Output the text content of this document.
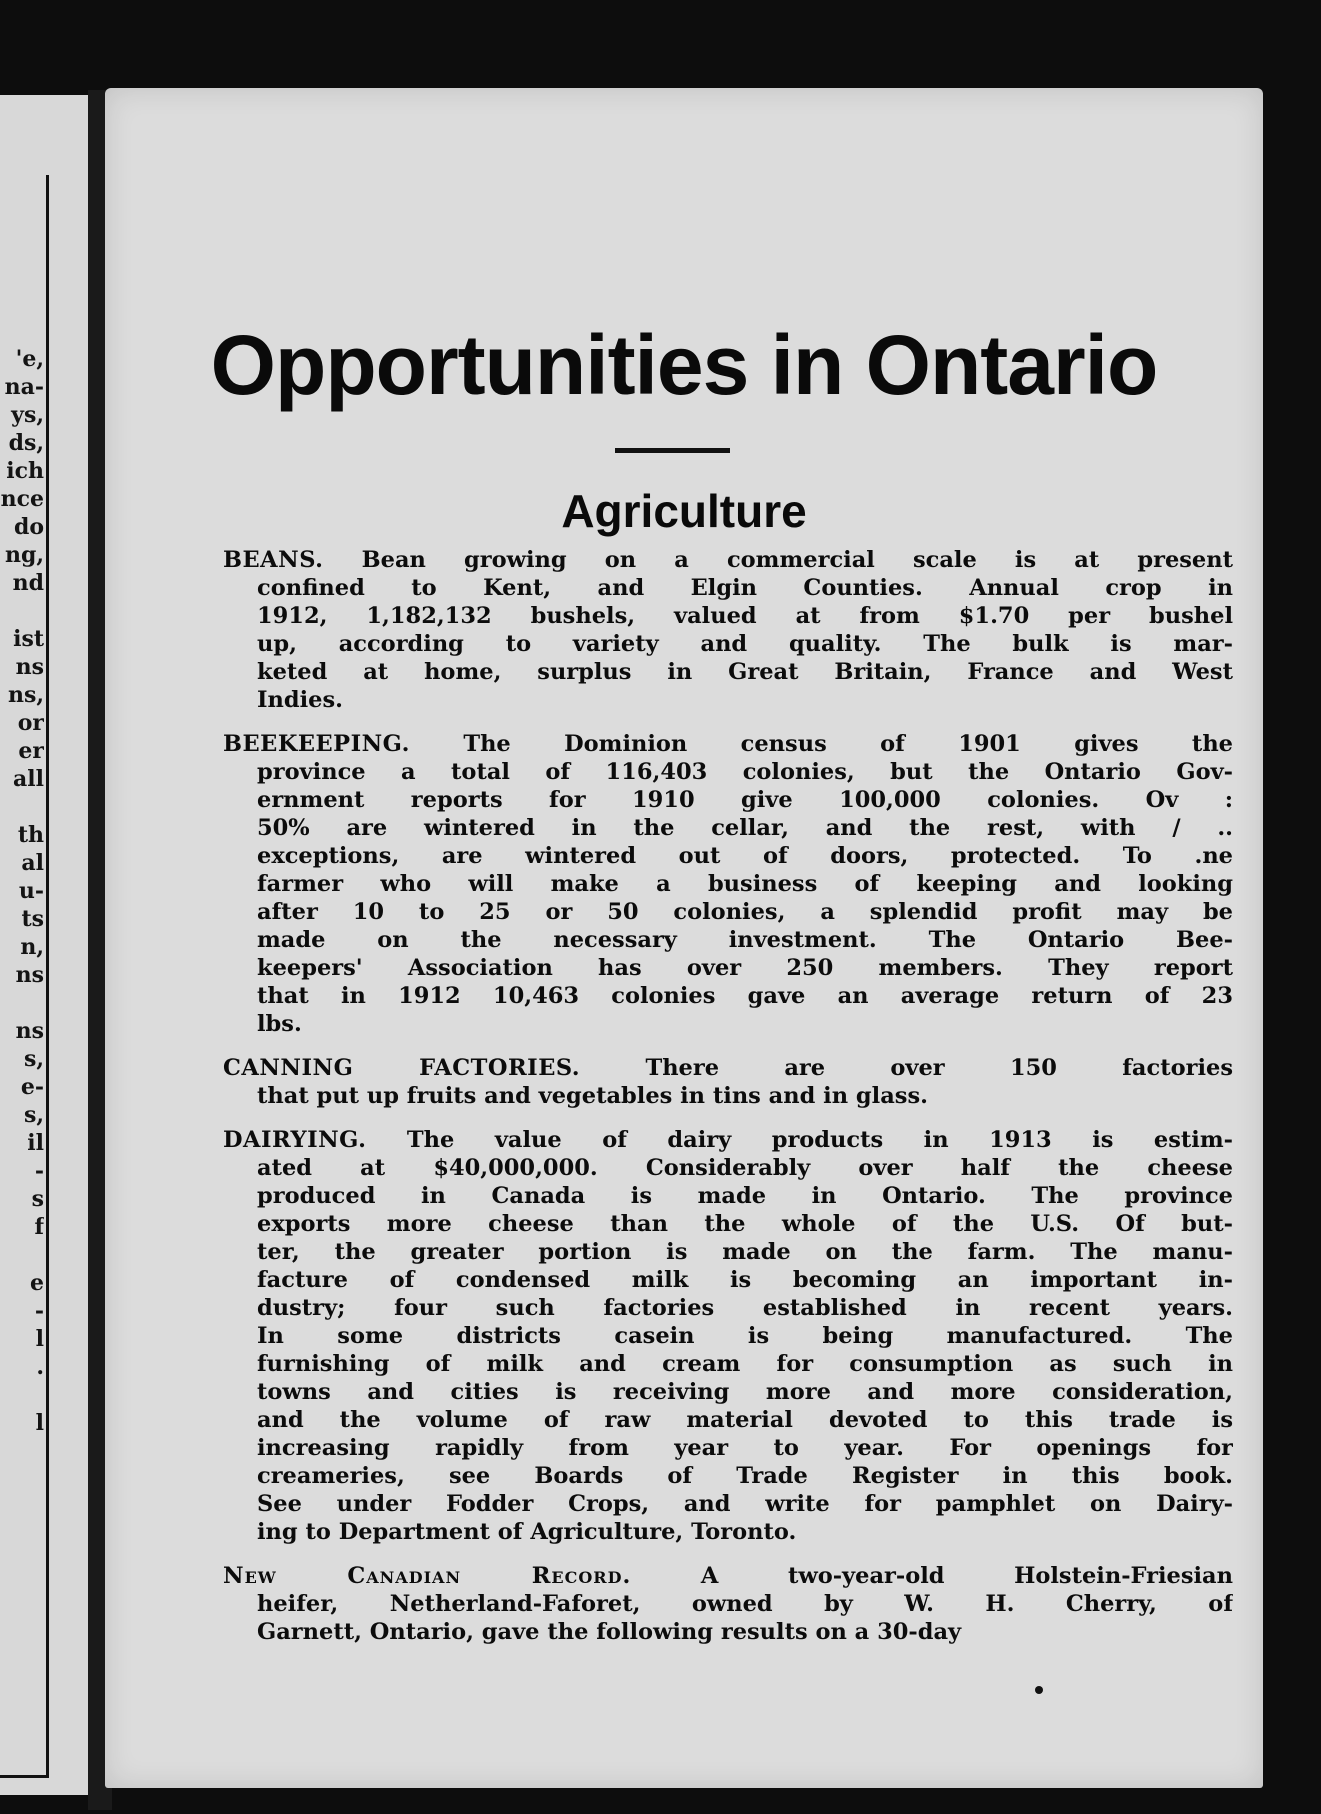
'e,
na-
ys,
ds,
ich
nce
do
ng,
nd
ist
ns
ns,
or
er
all
th
al
u-
ts
n,
ns
ns
s,
e-
s,
il
-
s
f
e
-
l
.
l
Opportunities in Ontario
Agriculture
BEANS. Bean growing on a commercial scale is at present
confined to Kent, and Elgin Counties. Annual crop in
1912, 1,182,132 bushels, valued at from $1.70 per bushel
up, according to variety and quality. The bulk is mar-
keted at home, surplus in Great Britain, France and West
Indies.
BEEKEEPING. The Dominion census of 1901 gives the
province a total of 116,403 colonies, but the Ontario Gov-
ernment reports for 1910 give 100,000 colonies. Ov :
50% are wintered in the cellar, and the rest, with / ..
exceptions, are wintered out of doors, protected. To .ne
farmer who will make a business of keeping and looking
after 10 to 25 or 50 colonies, a splendid profit may be
made on the necessary investment. The Ontario Bee-
keepers' Association has over 250 members. They report
that in 1912 10,463 colonies gave an average return of 23
lbs.
CANNING FACTORIES.	There are over 150 factories
that put up fruits and vegetables in tins and in glass.
DAIRYING. The value of dairy products in 1913 is estim-
ated at $40,000,000. Considerably over half the cheese
produced in Canada is made in Ontario. The province
exports more cheese than the whole of the U.S. Of but-
ter, the greater portion is made on the farm. The manu-
facture of condensed milk is becoming an important in-
dustry; four such factories established in recent years.
In some districts casein is being manufactured. The
furnishing of milk and cream for consumption as such in
towns and cities is receiving more and more consideration,
and the volume of raw material devoted to this trade is
increasing rapidly from year to year. For openings for
creameries, see Boards of Trade Register in this book.
See under Fodder Crops, and write for pamphlet on Dairy-
ing to Department of Agriculture, Toronto.
New Canadian Record.	A two-year-old Holstein-Friesian
heifer, Netherland-Faforet, owned by W. H. Cherry, of
Garnett, Ontario, gave the following results on a 30-day
